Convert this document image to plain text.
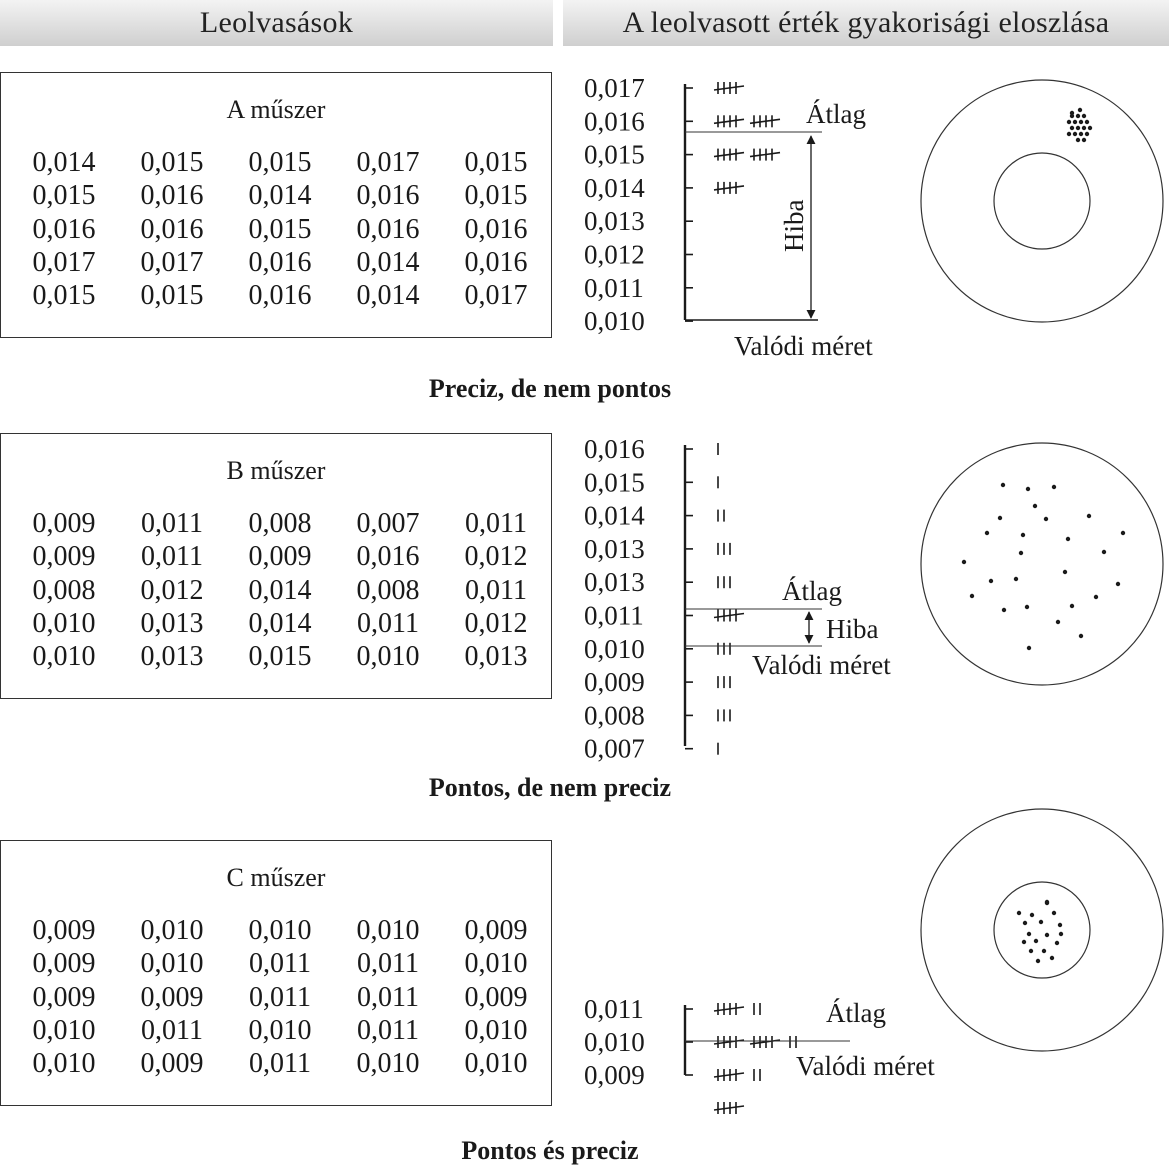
Leolvasások	A leolvasott érték gyakorisági eloszlása
A műszer
0,014	0,015	0,015	0,017	0,015
0,015	0,016	0,014	0,016	0,015
0,016	0,016	0,015	0,016	0,016
0,017	0,017	0,016	0,014	0,016
0,015	0,015	0,016	0,014	0,017
Preciz, de nem pontos
B műszer
0,009	0,011	0,008	0,007	0,011
0,009	0,011	0,009	0,016	0,012
0,008	0,012	0,014	0,008	0,011
0,010	0,013	0,014	0,011	0,012
0,010	0,013	0,015	0,010	0,013
Pontos, de nem preciz
C műszer
0,009	0,010	0,010	0,010	0,009
0,009	0,010	0,011	0,011	0,010
0,009	0,009	0,011	0,011	0,009
0,010	0,011	0,010	0,011	0,010
0,010	0,009	0,011	0,010	0,010
Pontos és preciz
0,017
0,016
0,015
0,014
0,013
0,012
0,011
0,010
Átlag
Hiba
Valódi méret
0,016
0,015
0,014
0,013
0,013
0,011
0,010
0,009
0,008
0,007
Átlag
Hiba
Valódi méret
0,011
0,010
0,009
Átlag
Valódi méret
